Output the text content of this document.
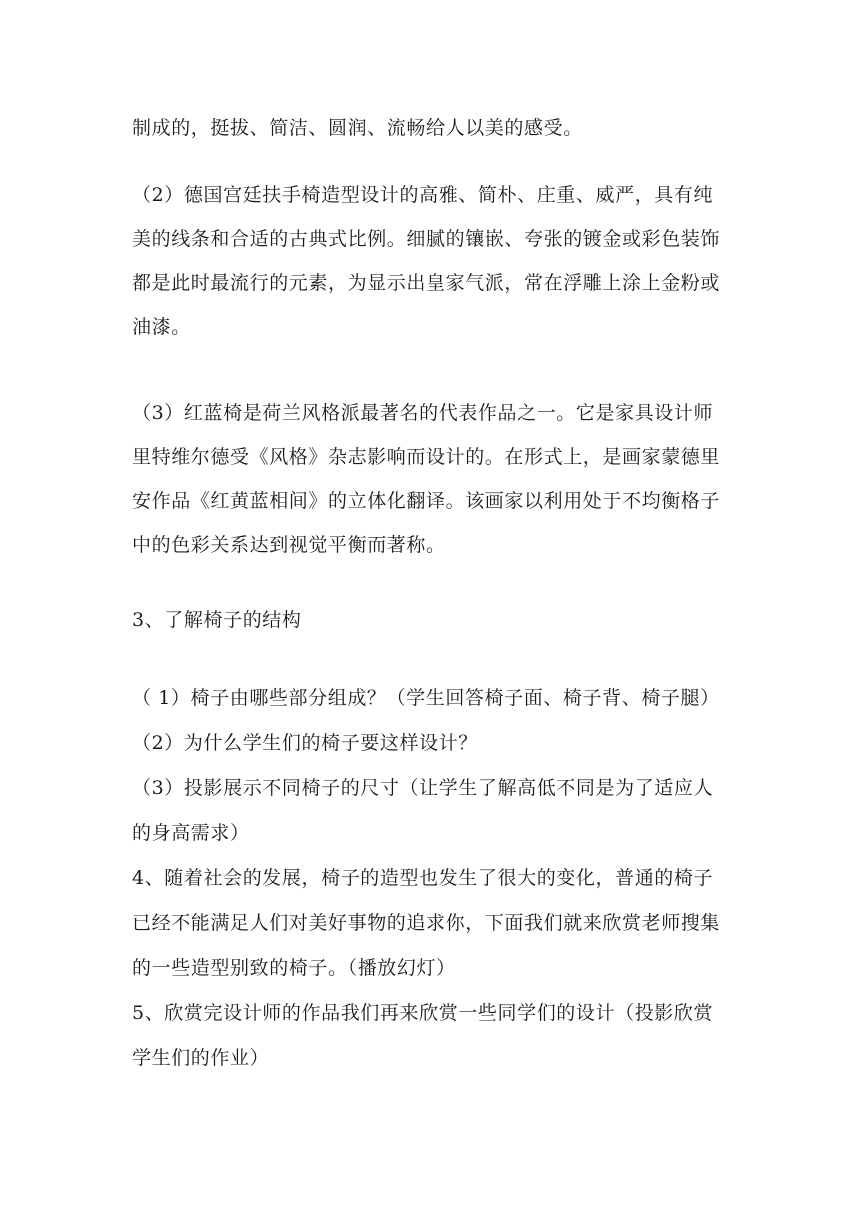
制成的，挺拔、简洁、圆润、流畅给人以美的感受。
（2）德国宫廷扶手椅造型设计的高雅、简朴、庄重、威严，具有纯
美的线条和合适的古典式比例。细腻的镶嵌、夸张的镀金或彩色装饰
都是此时最流行的元素，为显示出皇家气派，常在浮雕上涂上金粉或
油漆。
（3）红蓝椅是荷兰风格派最著名的代表作品之一。它是家具设计师
里特维尔德受《风格》杂志影响而设计的。在形式上，是画家蒙德里
安作品《红黄蓝相间》的立体化翻译。该画家以利用处于不均衡格子
中的色彩关系达到视觉平衡而著称。
3、了解椅子的结构
（ 1）椅子由哪些部分组成？（学生回答椅子面、椅子背、椅子腿）
（2）为什么学生们的椅子要这样设计？
（3）投影展示不同椅子的尺寸（让学生了解高低不同是为了适应人
的身高需求）
4、随着社会的发展，椅子的造型也发生了很大的变化，普通的椅子
已经不能满足人们对美好事物的追求你，下面我们就来欣赏老师搜集
的一些造型别致的椅子。（播放幻灯）
5、欣赏完设计师的作品我们再来欣赏一些同学们的设计（投影欣赏
学生们的作业）
